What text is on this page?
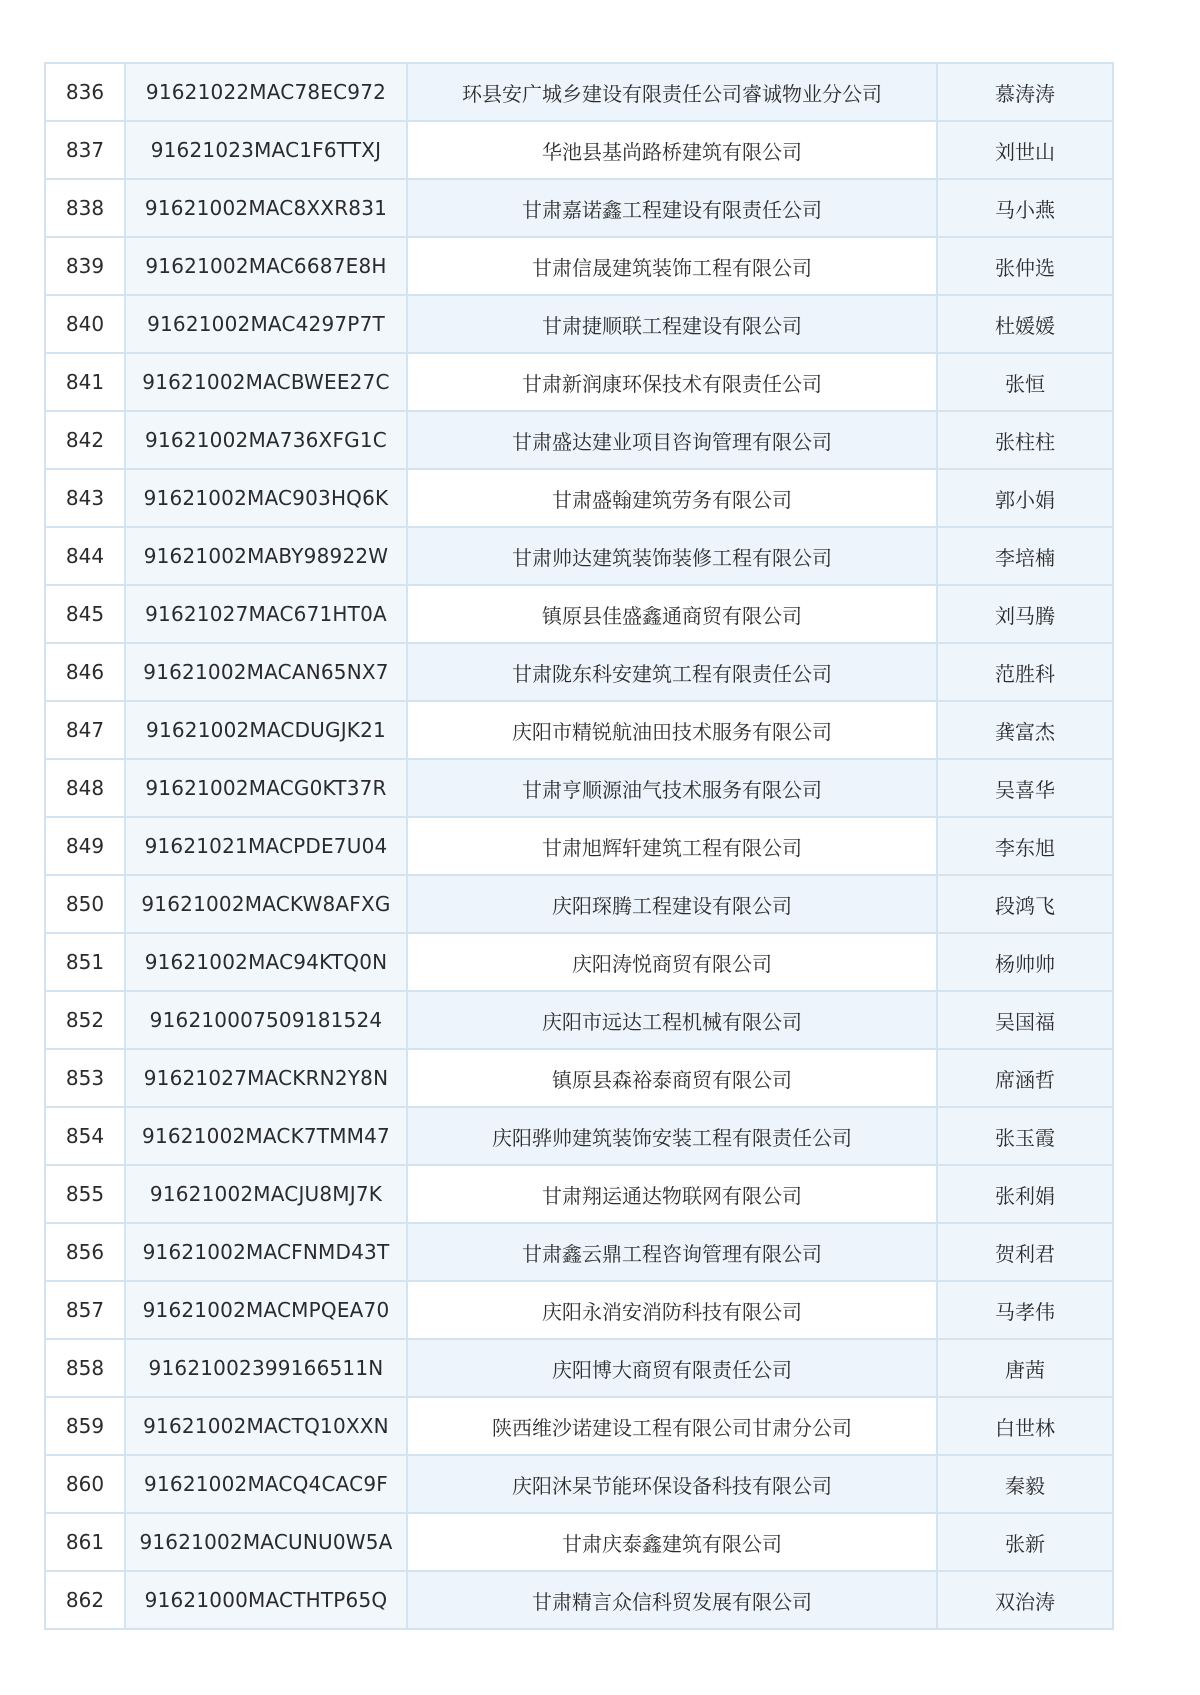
836	91621022MAC78EC972	环县安广城乡建设有限责任公司睿诚物业分公司	慕涛涛
837	91621023MAC1F6TTXJ	华池县基尚路桥建筑有限公司	刘世山
838	91621002MAC8XXR831	甘肃嘉诺鑫工程建设有限责任公司	马小燕
839	91621002MAC6687E8H	甘肃信晟建筑装饰工程有限公司	张仲选
840	91621002MAC4297P7T	甘肃捷顺联工程建设有限公司	杜媛媛
841	91621002MACBWEE27C	甘肃新润康环保技术有限责任公司	张恒
842	91621002MA736XFG1C	甘肃盛达建业项目咨询管理有限公司	张柱柱
843	91621002MAC903HQ6K	甘肃盛翰建筑劳务有限公司	郭小娟
844	91621002MABY98922W	甘肃帅达建筑装饰装修工程有限公司	李培楠
845	91621027MAC671HT0A	镇原县佳盛鑫通商贸有限公司	刘马腾
846	91621002MACAN65NX7	甘肃陇东科安建筑工程有限责任公司	范胜科
847	91621002MACDUGJK21	庆阳市精锐航油田技术服务有限公司	龚富杰
848	91621002MACG0KT37R	甘肃亨顺源油气技术服务有限公司	吴喜华
849	91621021MACPDE7U04	甘肃旭辉轩建筑工程有限公司	李东旭
850	91621002MACKW8AFXG	庆阳琛腾工程建设有限公司	段鸿飞
851	91621002MAC94KTQ0N	庆阳涛悦商贸有限公司	杨帅帅
852	916210007509181524	庆阳市远达工程机械有限公司	吴国福
853	91621027MACKRN2Y8N	镇原县森裕泰商贸有限公司	席涵哲
854	91621002MACK7TMM47	庆阳骅帅建筑装饰安装工程有限责任公司	张玉霞
855	91621002MACJU8MJ7K	甘肃翔运通达物联网有限公司	张利娟
856	91621002MACFNMD43T	甘肃鑫云鼎工程咨询管理有限公司	贺利君
857	91621002MACMPQEA70	庆阳永消安消防科技有限公司	马孝伟
858	91621002399166511N	庆阳博大商贸有限责任公司	唐茜
859	91621002MACTQ10XXN	陕西维沙诺建设工程有限公司甘肃分公司	白世林
860	91621002MACQ4CAC9F	庆阳沐杲节能环保设备科技有限公司	秦毅
861	91621002MACUNU0W5A	甘肃庆泰鑫建筑有限公司	张新
862	91621000MACTHTP65Q	甘肃精言众信科贸发展有限公司	双治涛
